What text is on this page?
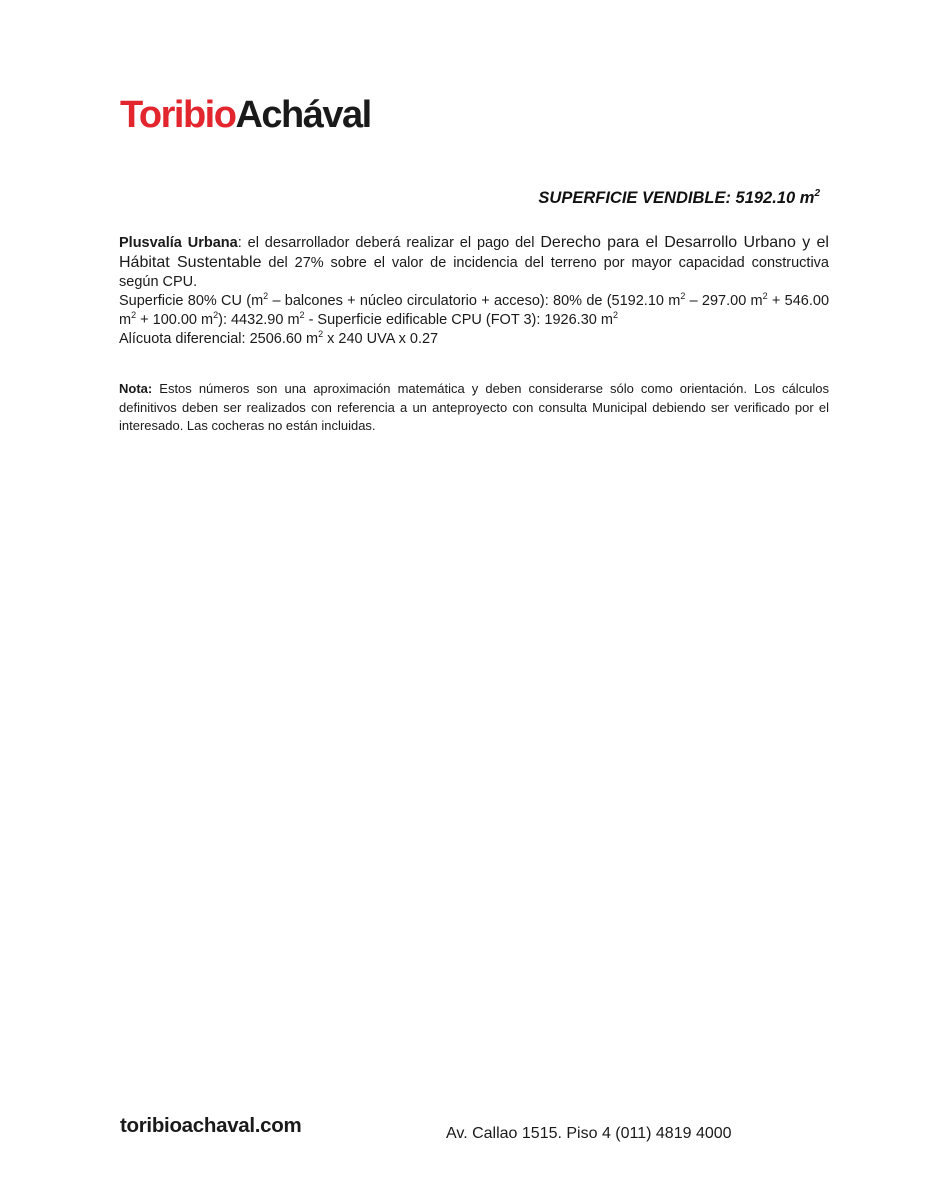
ToribioAchával
SUPERFICIE VENDIBLE: 5192.10 $m^2$

Plusvalía Urbana: el desarrollador deberá realizar el pago del Derecho para el Desarrollo Urbano y el Hábitat Sustentable del 27% sobre el valor de incidencia del terreno por mayor capacidad constructiva según CPU.

Superficie 80% CU ($m^2$ – balcones + núcleo circulatorio + acceso): 80% de (5192.10 $m^2 - 297.00$ $m^2 + 546.00$ $m^2 + 100.00$ $m^2$): 4432.90 $m^2$ - Superficie edificable CPU (FOT 3): 1926.30 $m^2$

Alícuota diferencial: 2506.60 $m^2$ x 240 UVA x 0.27

Nota: Estos números son una aproximación matemática y deben considerarse sólo como orientación. Los cálculos definitivos deben ser realizados con referencia a un anteproyecto con consulta Municipal debiendo ser verificado por el interesado. Las cocheras no están incluidas.
toribioachaval.com	Av. Callao 1515. Piso 4 (011) 4819 4000
